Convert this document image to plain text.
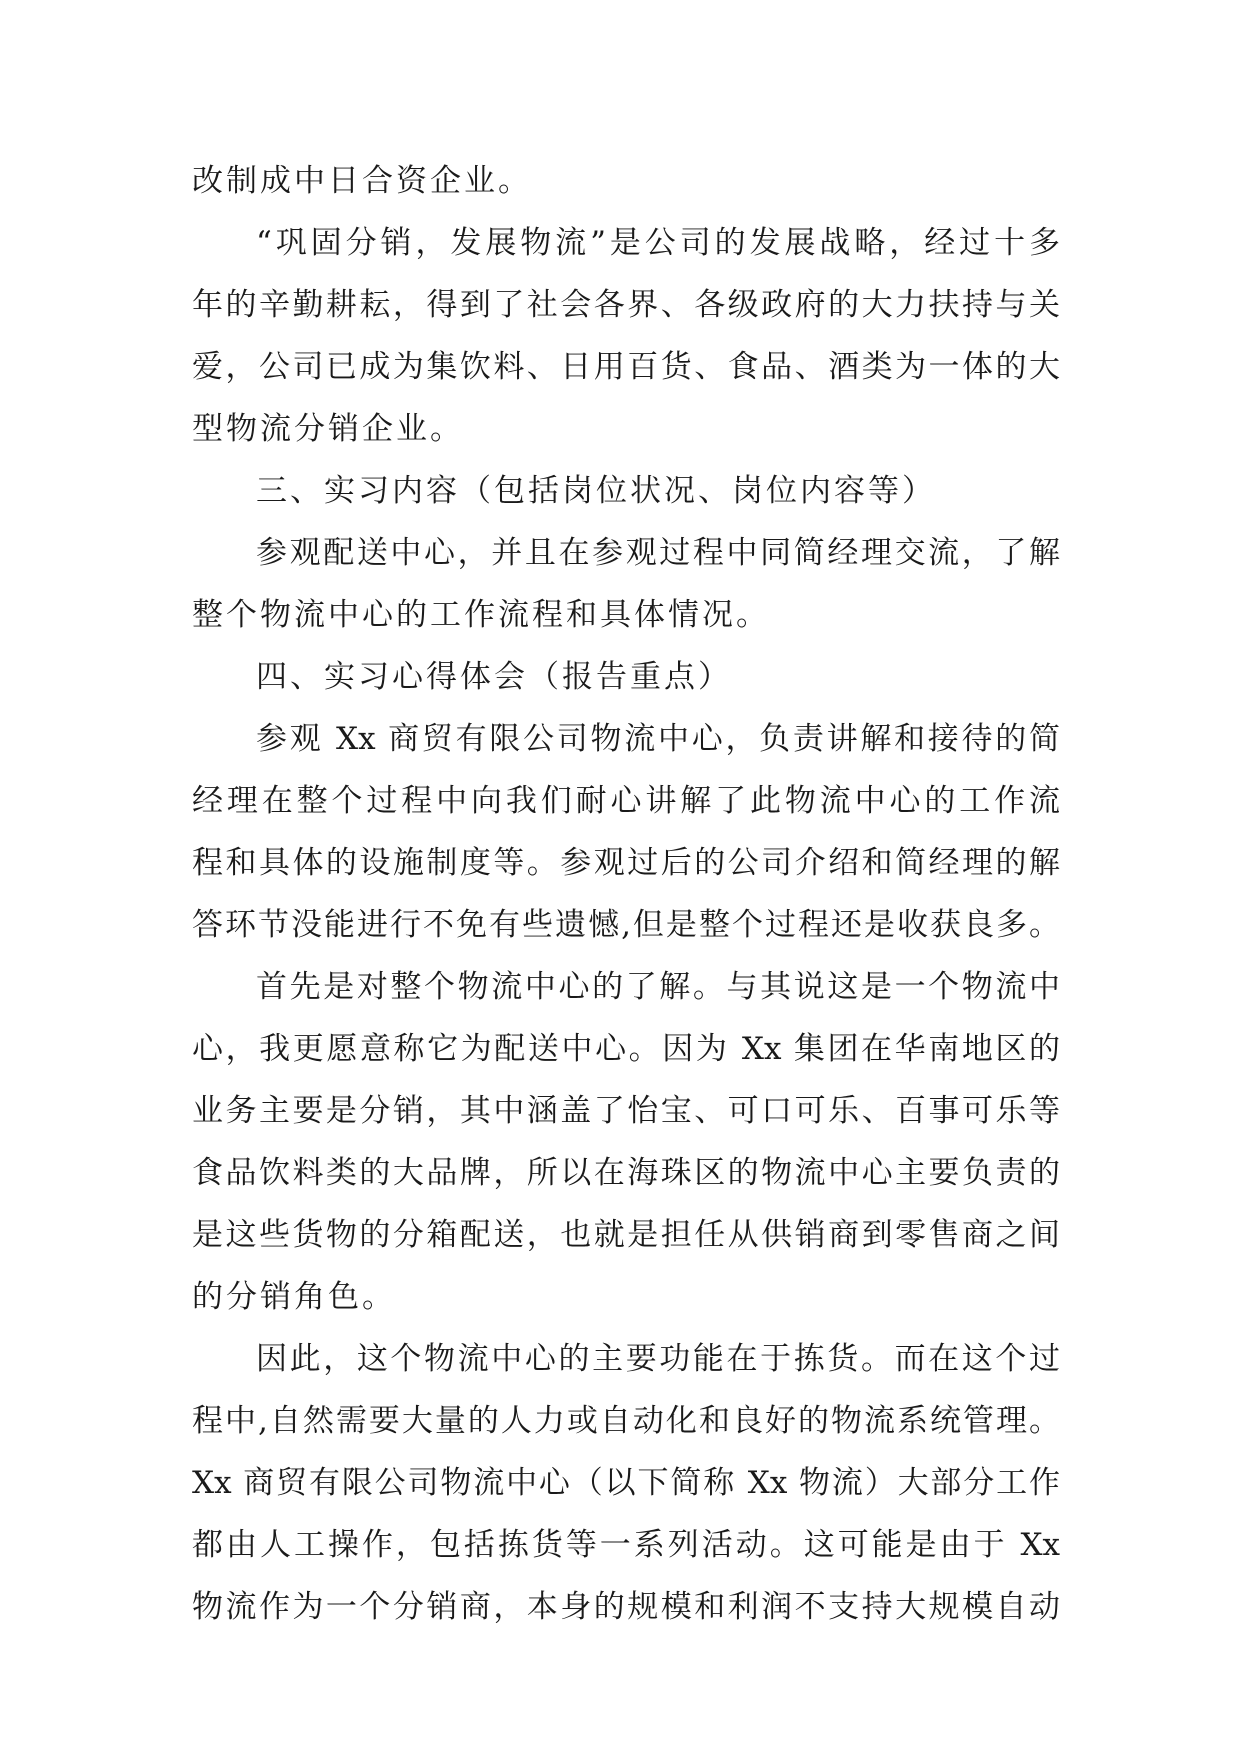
改制成中日合资企业。
“巩固分销，发展物流”是公司的发展战略，经过十多
年的辛勤耕耘，得到了社会各界、各级政府的大力扶持与关
爱，公司已成为集饮料、日用百货、食品、酒类为一体的大
型物流分销企业。
三、实习内容（包括岗位状况、岗位内容等）
参观配送中心，并且在参观过程中同简经理交流，了解
整个物流中心的工作流程和具体情况。
四、实习心得体会（报告重点）
参观 Xx 商贸有限公司物流中心，负责讲解和接待的简
经理在整个过程中向我们耐心讲解了此物流中心的工作流
程和具体的设施制度等。参观过后的公司介绍和简经理的解
答环节没能进行不免有些遗憾,但是整个过程还是收获良多。
首先是对整个物流中心的了解。与其说这是一个物流中
心，我更愿意称它为配送中心。因为 Xx 集团在华南地区的
业务主要是分销，其中涵盖了怡宝、可口可乐、百事可乐等
食品饮料类的大品牌，所以在海珠区的物流中心主要负责的
是这些货物的分箱配送，也就是担任从供销商到零售商之间
的分销角色。
因此，这个物流中心的主要功能在于拣货。而在这个过
程中,自然需要大量的人力或自动化和良好的物流系统管理。
Xx 商贸有限公司物流中心（以下简称 Xx 物流）大部分工作
都由人工操作，包括拣货等一系列活动。这可能是由于 Xx
物流作为一个分销商，本身的规模和利润不支持大规模自动
